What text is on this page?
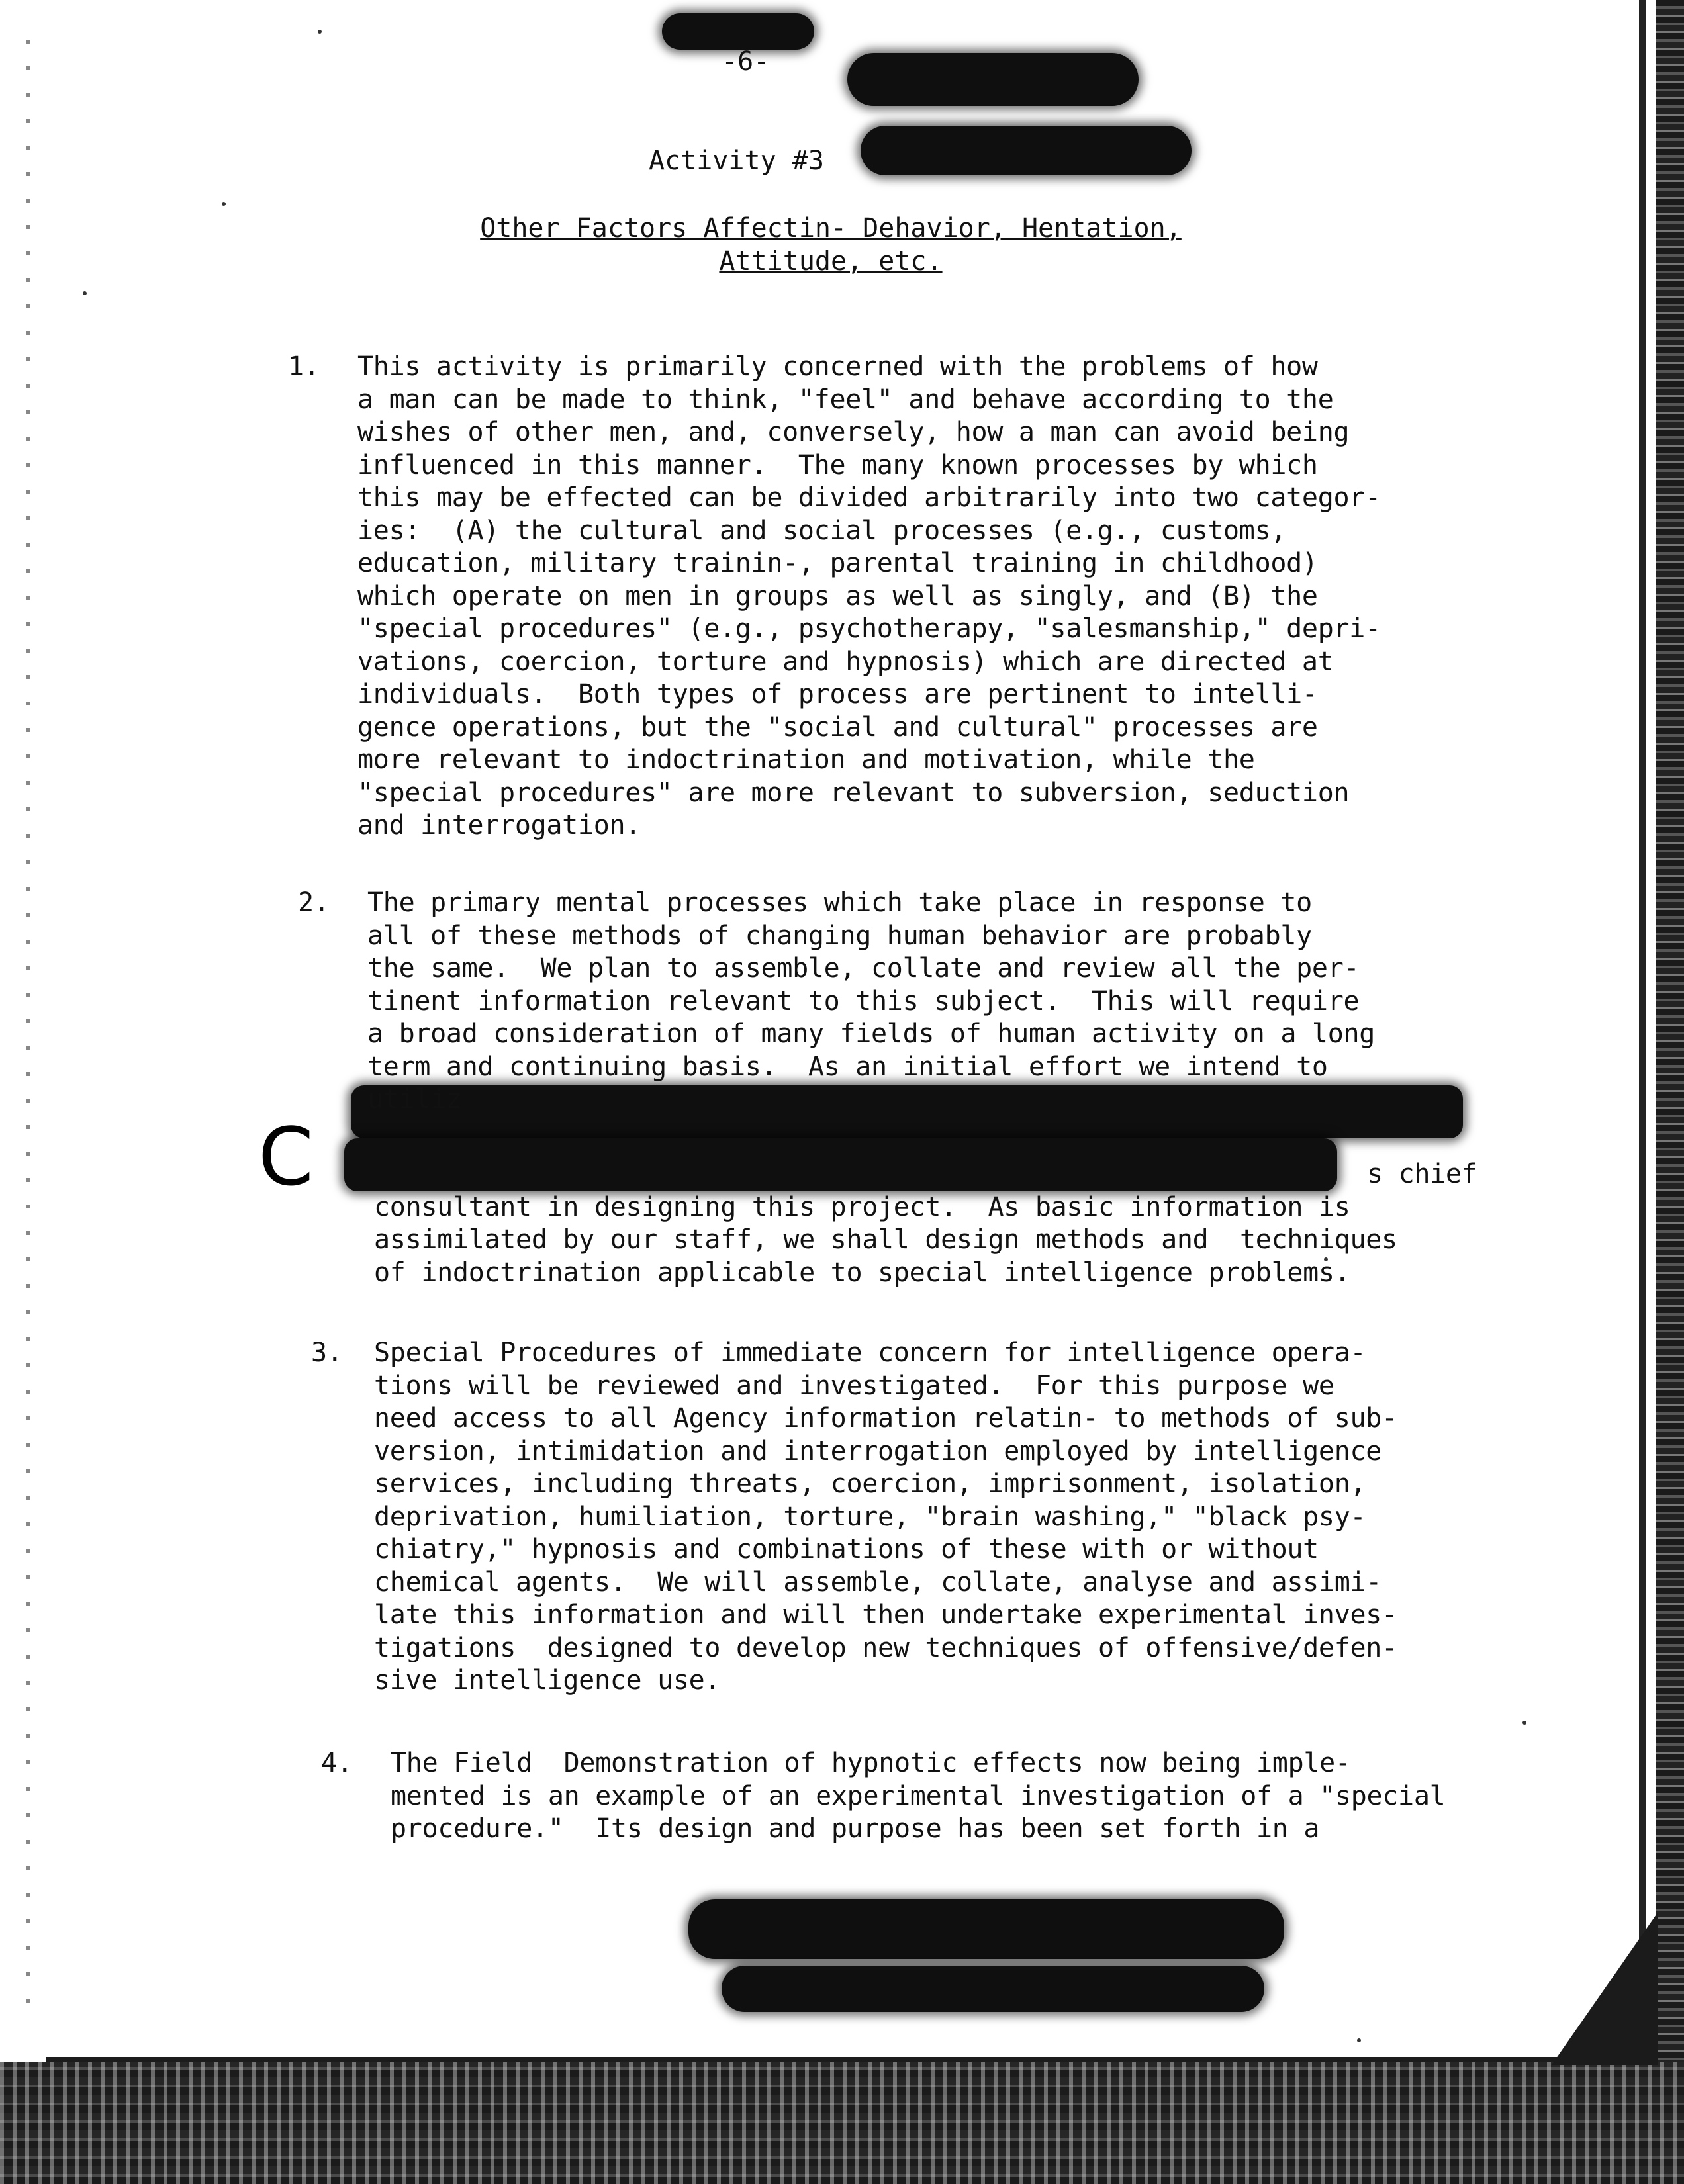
-6-
Activity #3
Other Factors Affectin- Dehavior, Hentation,
Attitude, etc.
C
1. This activity is primarily concerned with the problems of how
a man can be made to think, "feel" and behave according to the
wishes of other men, and, conversely, how a man can avoid being
influenced in this manner.  The many known processes by which
this may be effected can be divided arbitrarily into two categor-
ies:  (A) the cultural and social processes (e.g., customs,
education, military trainin-, parental training in childhood)
which operate on men in groups as well as singly, and (B) the
"special procedures" (e.g., psychotherapy, "salesmanship," depri-
vations, coercion, torture and hypnosis) which are directed at
individuals.  Both types of process are pertinent to intelli-
gence operations, but the "social and cultural" processes are
more relevant to indoctrination and motivation, while the
"special procedures" are more relevant to subversion, seduction
and interrogation.
2. The primary mental processes which take place in response to
all of these methods of changing human behavior are probably
the same.  We plan to assemble, collate and review all the per-
tinent information relevant to this subject.  This will require
a broad consideration of many fields of human activity on a long
term and continuing basis.  As an initial effort we intend to
utiliz
s chief
consultant in designing this project.  As basic information is
assimilated by our staff, we shall design methods and  techniques
of indoctrination applicable to special intelligence problems.
3. Special Procedures of immediate concern for intelligence opera-
tions will be reviewed and investigated.  For this purpose we
need access to all Agency information relatin- to methods of sub-
version, intimidation and interrogation employed by intelligence
services, including threats, coercion, imprisonment, isolation,
deprivation, humiliation, torture, "brain washing," "black psy-
chiatry," hypnosis and combinations of these with or without
chemical agents.  We will assemble, collate, analyse and assimi-
late this information and will then undertake experimental inves-
tigations  designed to develop new techniques of offensive/defen-
sive intelligence use.
4. The Field  Demonstration of hypnotic effects now being imple-
mented is an example of an experimental investigation of a "special
procedure."  Its design and purpose has been set forth in a
